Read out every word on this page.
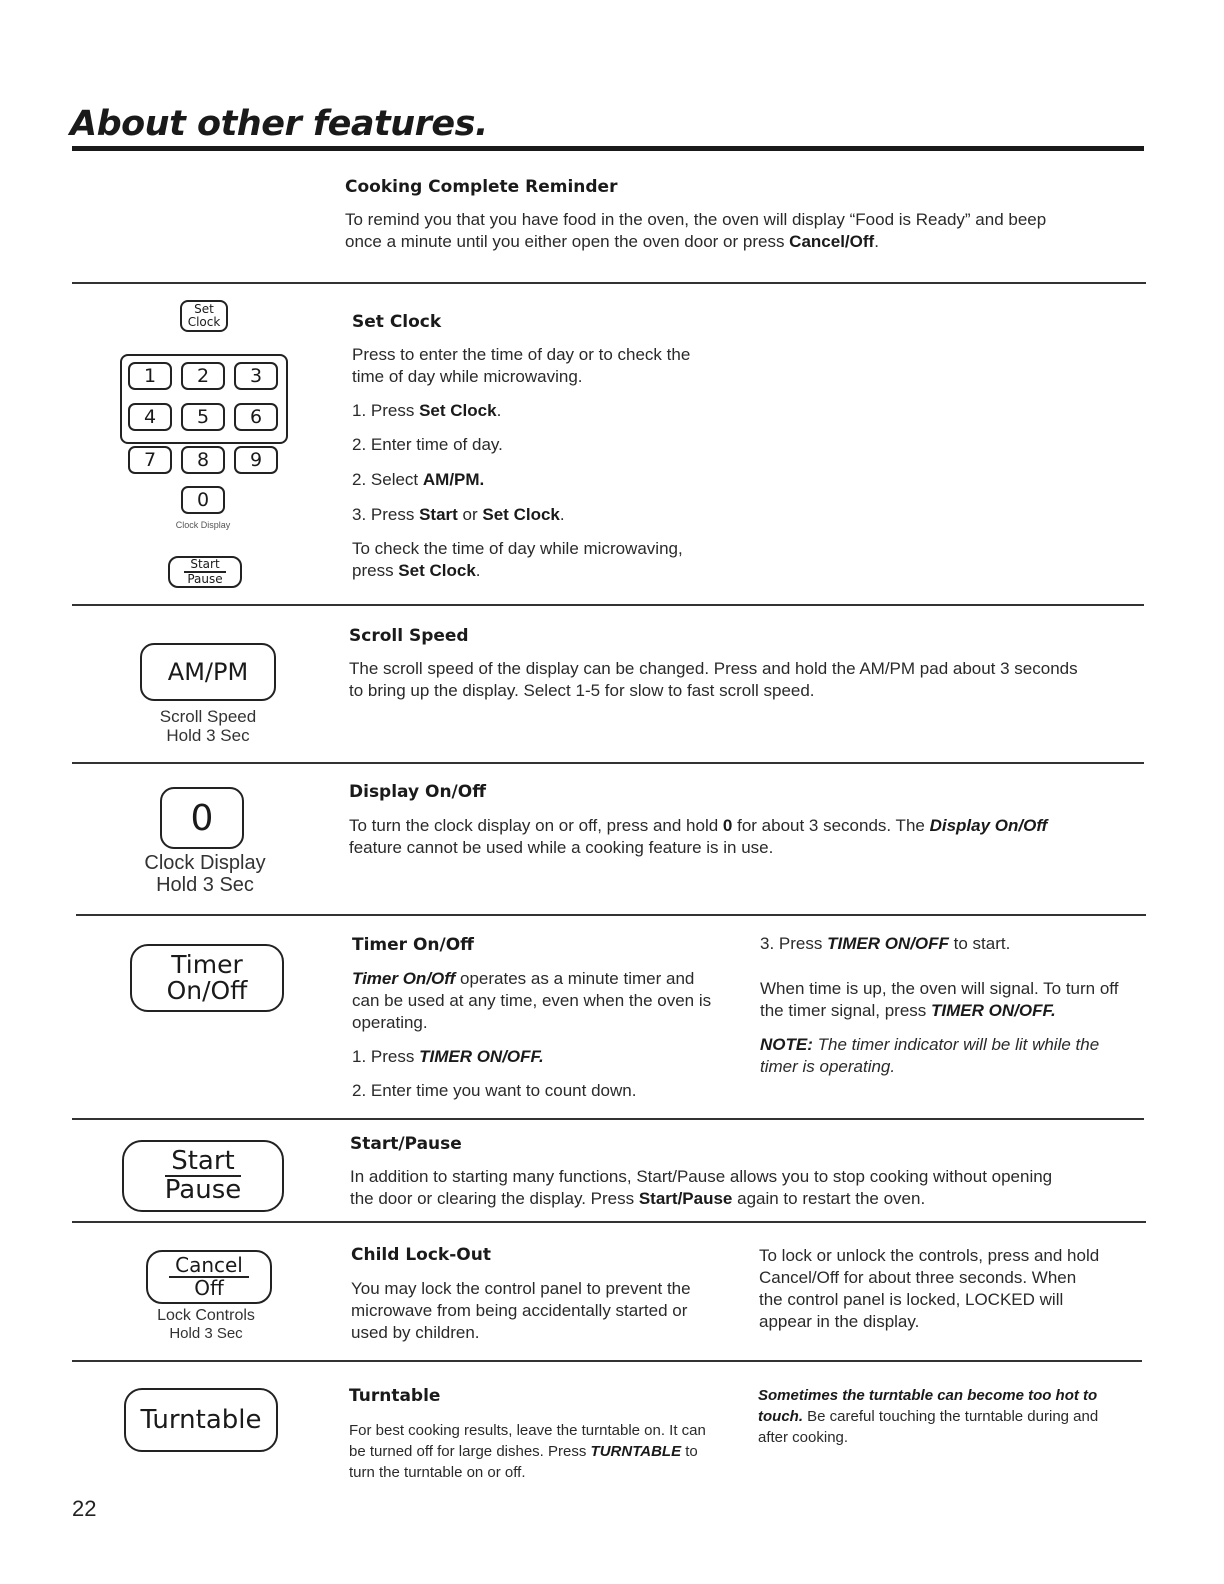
About other features.
Cooking Complete Reminder

To remind you that you have food in the oven, the oven will display “Food is Ready” and beep

once a minute until you either open the oven door or press Cancel/Off.

Set
Clock
1	2	3
4	5	6
7	8	9
0
Clock Display
Start
Pause
Set Clock

Press to enter the time of day or to check the

time of day while microwaving.

1. Press Set Clock.

2. Enter time of day.

2. Select AM/PM.

3. Press Start or Set Clock.

To check the time of day while microwaving,

press Set Clock.

AM/PM
Scroll Speed
Hold 3 Sec
Scroll Speed

The scroll speed of the display can be changed. Press and hold the AM/PM pad about 3 seconds

to bring up the display. Select 1-5 for slow to fast scroll speed.

0
Clock Display
Hold 3 Sec
Display On/Off

To turn the clock display on or off, press and hold 0 for about 3 seconds. The Display On/Off

feature cannot be used while a cooking feature is in use.

Timer
On/Off
Timer On/Off

Timer On/Off operates as a minute timer and

can be used at any time, even when the oven is

operating.

1. Press TIMER ON/OFF.

2. Enter time you want to count down.

3. Press TIMER ON/OFF to start.

When time is up, the oven will signal. To turn off

the timer signal, press TIMER ON/OFF.

NOTE: The timer indicator will be lit while the

timer is operating.

Start
Pause
Start/Pause

In addition to starting many functions, Start/Pause allows you to stop cooking without opening

the door or clearing the display. Press Start/Pause again to restart the oven.

Cancel
Off
Lock Controls
Hold 3 Sec
Child Lock-Out

You may lock the control panel to prevent the

microwave from being accidentally started or

used by children.

To lock or unlock the controls, press and hold

Cancel/Off for about three seconds. When

the control panel is locked, LOCKED will

appear in the display.

Turntable
Turntable

For best cooking results, leave the turntable on. It can

be turned off for large dishes. Press TURNTABLE to

turn the turntable on or off.

Sometimes the turntable can become too hot to

touch. Be careful touching the turntable during and

after cooking.

22
